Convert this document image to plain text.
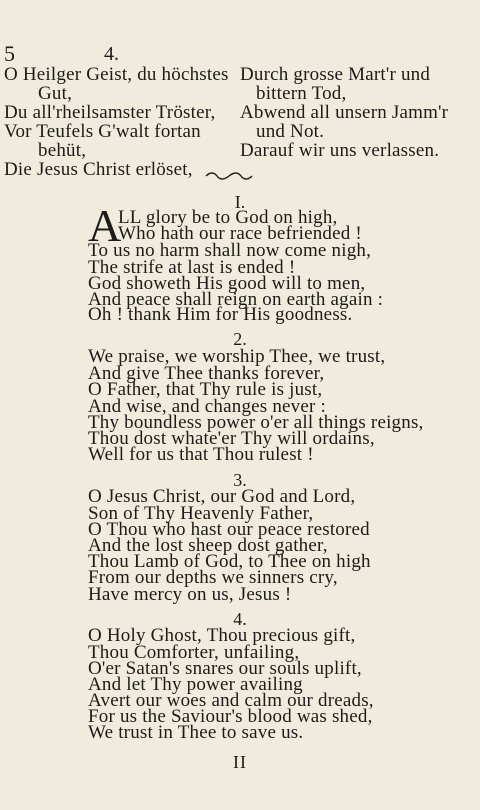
5	4.
O Heilger Geist, du höchstes
Gut,
Du all'rheilsamster Tröster,
Vor Teufels G'walt fortan
behüt,
Die Jesus Christ erlöset,
Durch grosse Mart'r und
bittern Tod,
Abwend all unsern Jamm'r
und Not.
Darauf wir uns verlassen.
I.
A
LL glory be to God on high,
Who hath our race befriended !
To us no harm shall now come nigh,
The strife at last is ended !
God showeth His good will to men,
And peace shall reign on earth again :
Oh ! thank Him for His goodness.
2.
We praise, we worship Thee, we trust,
And give Thee thanks forever,
O Father, that Thy rule is just,
And wise, and changes never :
Thy boundless power o'er all things reigns,
Thou dost whate'er Thy will ordains,
Well for us that Thou rulest !
3.
O Jesus Christ, our God and Lord,
Son of Thy Heavenly Father,
O Thou who hast our peace restored
And the lost sheep dost gather,
Thou Lamb of God, to Thee on high
From our depths we sinners cry,
Have mercy on us, Jesus !
4.
O Holy Ghost, Thou precious gift,
Thou Comforter, unfailing,
O'er Satan's snares our souls uplift,
And let Thy power availing
Avert our woes and calm our dreads,
For us the Saviour's blood was shed,
We trust in Thee to save us.
II
